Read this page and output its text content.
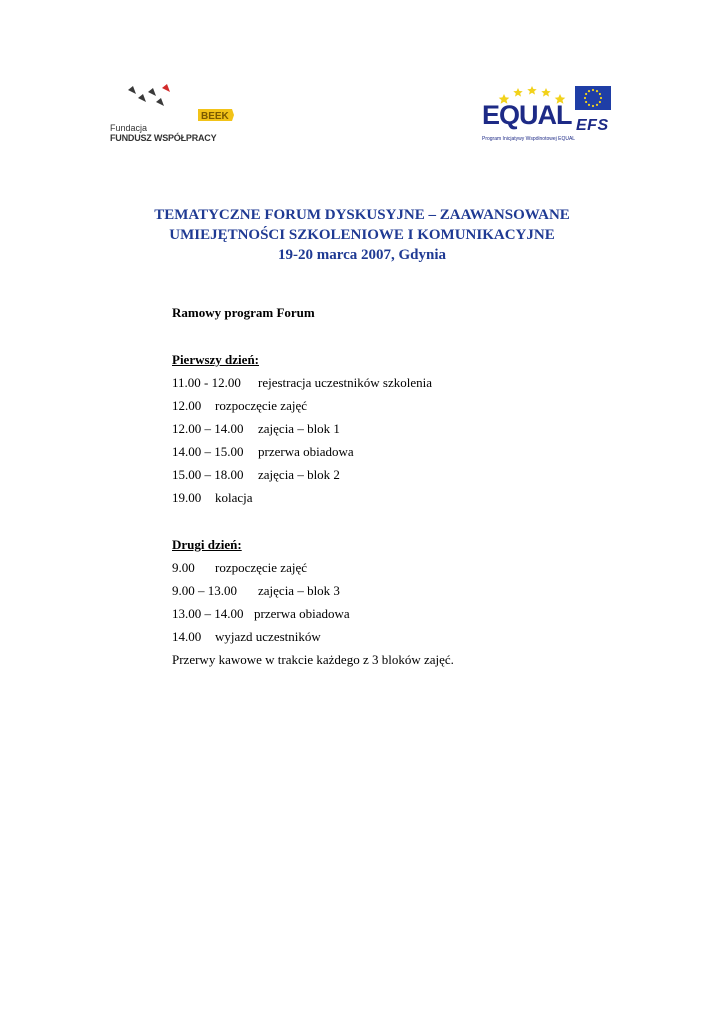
Fundacja
FUNDUSZ WSPÓŁPRACY
BEEK	EQUAL
Program Inicjatywy Wspólnotowej EQUAL
EFS
TEMATYCZNE FORUM DYSKUSYJNE – ZAAWANSOWANE
UMIEJĘTNOŚCI SZKOLENIOWE I KOMUNIKACYJNE
19-20 marca 2007, Gdynia
Ramowy program Forum
Pierwszy dzień:
11.00 - 12.00 rejestracja uczestników szkolenia
12.00 rozpoczęcie zajęć
12.00 – 14.00 zajęcia – blok 1
14.00 – 15.00 przerwa obiadowa
15.00 – 18.00 zajęcia – blok 2
19.00 kolacja
Drugi dzień:
9.00 rozpoczęcie zajęć
9.00 – 13.00 zajęcia – blok 3
13.00 – 14.00 przerwa obiadowa
14.00 wyjazd uczestników
Przerwy kawowe w trakcie każdego z 3 bloków zajęć.
